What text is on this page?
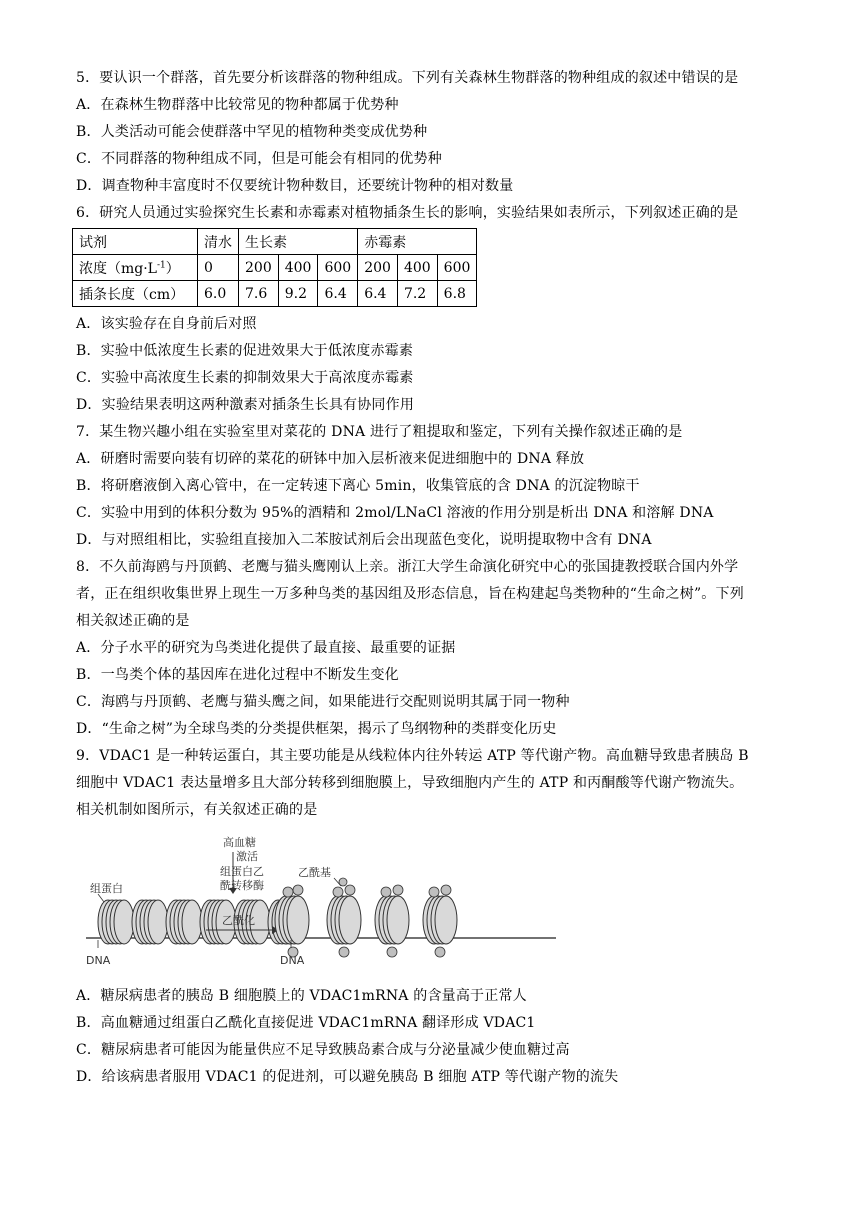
5．要认识一个群落，首先要分析该群落的物种组成。下列有关森林生物群落的物种组成的叙述中错误的是
A．在森林生物群落中比较常见的物种都属于优势种
B．人类活动可能会使群落中罕见的植物种类变成优势种
C．不同群落的物种组成不同，但是可能会有相同的优势种
D．调查物种丰富度时不仅要统计物种数目，还要统计物种的相对数量
6．研究人员通过实验探究生长素和赤霉素对植物插条生长的影响，实验结果如表所示，下列叙述正确的是
试剂	清水	生长素			赤霉素		
浓度$(mg\cdot L^{-1})$	0	200	400	600	200	400	600
插条长度（cm）	6.0	7.6	9.2	6.4	6.4	7.2	6.8
A．该实验存在自身前后对照
B．实验中低浓度生长素的促进效果大于低浓度赤霉素
C．实验中高浓度生长素的抑制效果大于高浓度赤霉素
D．实验结果表明这两种激素对插条生长具有协同作用
7．某生物兴趣小组在实验室里对菜花的 DNA 进行了粗提取和鉴定，下列有关操作叙述正确的是
A．研磨时需要向装有切碎的菜花的研钵中加入层析液来促进细胞中的 DNA 释放
B．将研磨液倒入离心管中，在一定转速下离心 5min，收集管底的含 DNA 的沉淀物晾干
C．实验中用到的体积分数为 95%的酒精和 2mol/LNaCl 溶液的作用分别是析出 DNA 和溶解 DNA
D．与对照组相比，实验组直接加入二苯胺试剂后会出现蓝色变化，说明提取物中含有 DNA
8．不久前海鸥与丹顶鹤、老鹰与猫头鹰刚认上亲。浙江大学生命演化研究中心的张国捷教授联合国内外学
者，正在组织收集世界上现生一万多种鸟类的基因组及形态信息，旨在构建起鸟类物种的“生命之树”。下列
相关叙述正确的是
A．分子水平的研究为鸟类进化提供了最直接、最重要的证据
B．一鸟类个体的基因库在进化过程中不断发生变化
C．海鸥与丹顶鹤、老鹰与猫头鹰之间，如果能进行交配则说明其属于同一物种
D．“生命之树”为全球鸟类的分类提供框架，揭示了鸟纲物种的类群变化历史
9．VDAC1 是一种转运蛋白，其主要功能是从线粒体内往外转运 ATP 等代谢产物。高血糖导致患者胰岛 B
细胞中 VDAC1 表达量增多且大部分转移到细胞膜上，导致细胞内产生的 ATP 和丙酮酸等代谢产物流失。
相关机制如图所示，有关叙述正确的是
高血糖
激活
组蛋白乙
酰转移酶
乙酰基
组蛋白
乙酰化
DNA	DNA
A．糖尿病患者的胰岛 B 细胞膜上的 VDAC1mRNA 的含量高于正常人
B．高血糖通过组蛋白乙酰化直接促进 VDAC1mRNA 翻译形成 VDAC1
C．糖尿病患者可能因为能量供应不足导致胰岛素合成与分泌量减少使血糖过高
D．给该病患者服用 VDAC1 的促进剂，可以避免胰岛 B 细胞 ATP 等代谢产物的流失
